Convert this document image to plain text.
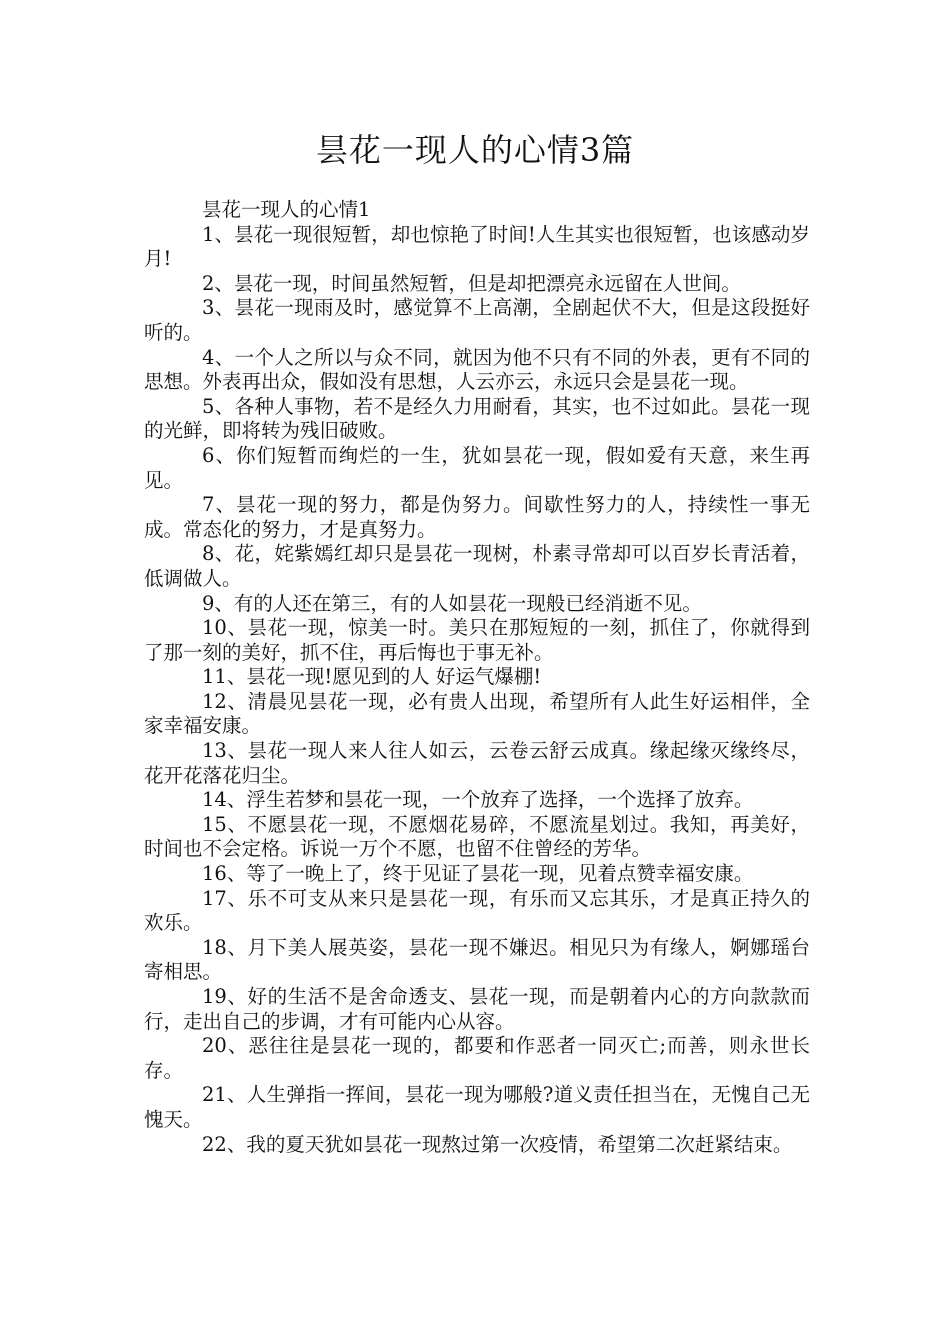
昙花一现人的心情3篇

昙花一现人的心情1

1、昙花一现很短暂，却也惊艳了时间!人生其实也很短暂，也该感动岁月!

2、昙花一现，时间虽然短暂，但是却把漂亮永远留在人世间。

3、昙花一现雨及时，感觉算不上高潮，全剧起伏不大，但是这段挺好听的。

4、一个人之所以与众不同，就因为他不只有不同的外表，更有不同的思想。外表再出众，假如没有思想，人云亦云，永远只会是昙花一现。

5、各种人事物，若不是经久力用耐看，其实，也不过如此。昙花一现的光鲜，即将转为残旧破败。

6、你们短暂而绚烂的一生，犹如昙花一现，假如爱有天意，来生再见。

7、昙花一现的努力，都是伪努力。间歇性努力的人，持续性一事无成。常态化的努力，才是真努力。

8、花，姹紫嫣红却只是昙花一现树，朴素寻常却可以百岁长青活着，低调做人。

9、有的人还在第三，有的人如昙花一现般已经消逝不见。

10、昙花一现，惊美一时。美只在那短短的一刻，抓住了，你就得到了那一刻的美好，抓不住，再后悔也于事无补。

11、昙花一现!愿见到的人 好运气爆棚!

12、清晨见昙花一现，必有贵人出现，希望所有人此生好运相伴，全家幸福安康。

13、昙花一现人来人往人如云，云卷云舒云成真。缘起缘灭缘终尽，花开花落花归尘。

14、浮生若梦和昙花一现，一个放弃了选择，一个选择了放弃。

15、不愿昙花一现，不愿烟花易碎，不愿流星划过。我知，再美好，时间也不会定格。诉说一万个不愿，也留不住曾经的芳华。

16、等了一晚上了，终于见证了昙花一现，见着点赞幸福安康。

17、乐不可支从来只是昙花一现，有乐而又忘其乐，才是真正持久的欢乐。

18、月下美人展英姿，昙花一现不嫌迟。相见只为有缘人，婀娜瑶台寄相思。

19、好的生活不是舍命透支、昙花一现，而是朝着内心的方向款款而行，走出自己的步调，才有可能内心从容。

20、恶往往是昙花一现的，都要和作恶者一同灭亡;而善，则永世长存。

21、人生弹指一挥间，昙花一现为哪般?道义责任担当在，无愧自己无愧天。

22、我的夏天犹如昙花一现熬过第一次疫情，希望第二次赶紧结束。
